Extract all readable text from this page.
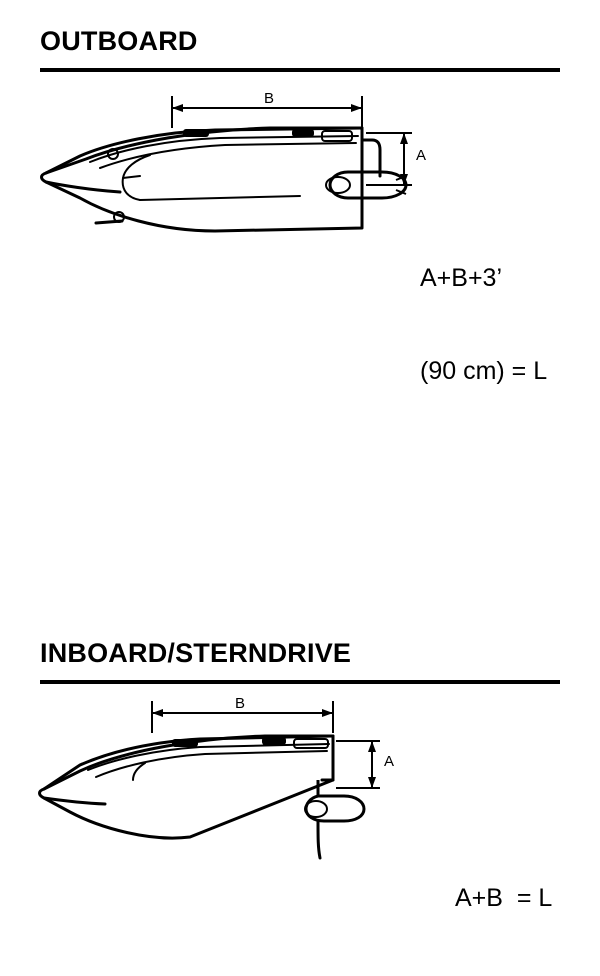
OUTBOARD
B
A

A+B+3’

(90 cm) = L

INBOARD/STERNDRIVE
B
A

A+B  = L
